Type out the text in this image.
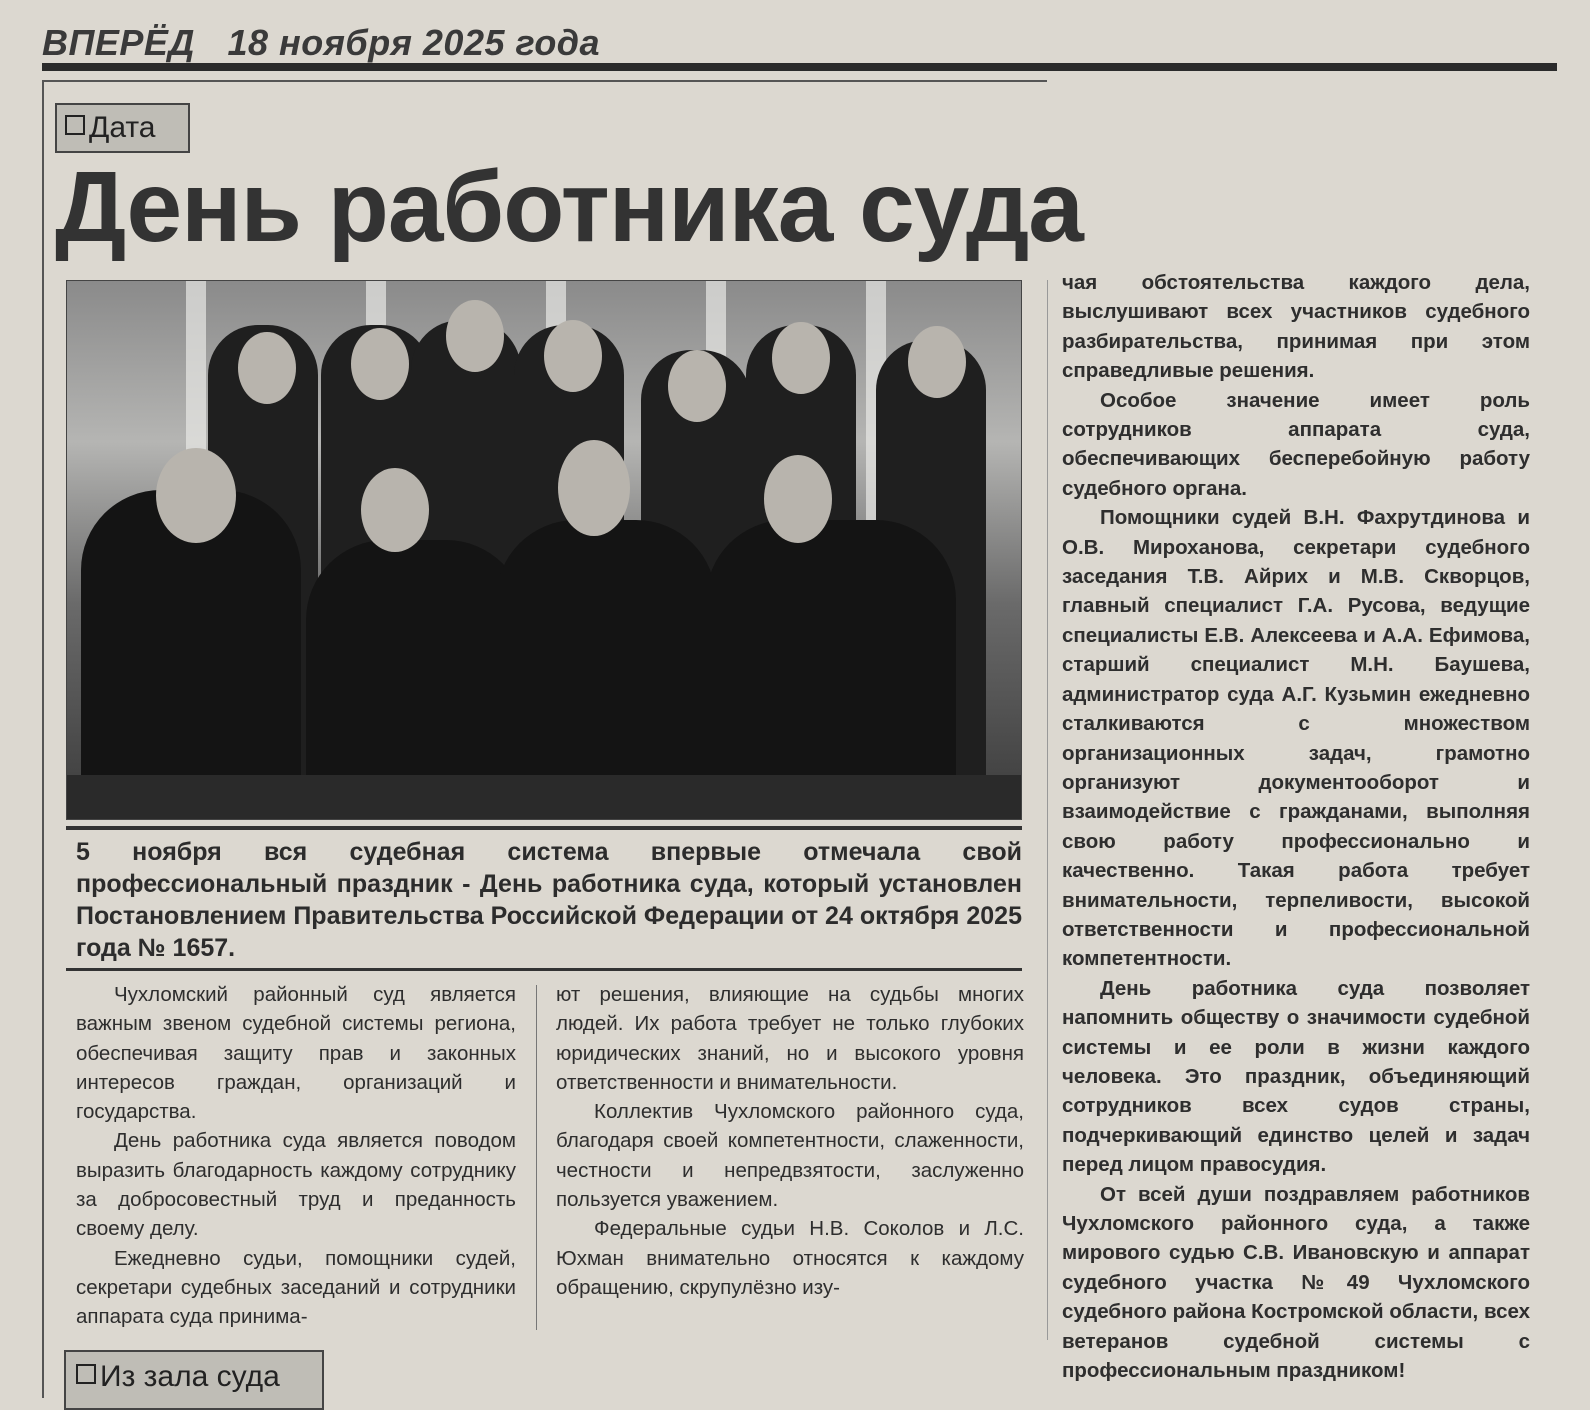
ВПЕРЁД 18 ноября 2025 года
Дата
День работника суда
5 ноября вся судебная система впервые отмечала свой профессиональный праздник - День работника суда, который установлен Постановлением Правительства Российской Федерации от 24 октября 2025 года № 1657.

Чухломский районный суд является важным звеном судебной системы региона, обеспечивая защиту прав и законных интересов граждан, организаций и государства.

День работника суда является поводом выразить благодарность каждому сотруднику за добросовестный труд и преданность своему делу.

Ежедневно судьи, помощники судей, секретари судебных заседаний и сотрудники аппарата суда принима-

ют решения, влияющие на судьбы многих людей. Их работа требует не только глубоких юридических знаний, но и высокого уровня ответственности и внимательности.

Коллектив Чухломского районного суда, благодаря своей компетентности, слаженности, честности и непредвзятости, заслуженно пользуется уважением.

Федеральные судьи Н.В. Соколов и Л.С. Юхман внимательно относятся к каждому обращению, скрупулёзно изу-

чая обстоятельства каждого дела, выслушивают всех участников судебного разбирательства, принимая при этом справедливые решения.

Особое значение имеет роль сотрудников аппарата суда, обеспечивающих бесперебойную работу судебного органа.

Помощники судей В.Н. Фахрутдинова и О.В. Мироханова, секретари судебного заседания Т.В. Айрих и М.В. Скворцов, главный специалист Г.А. Русова, ведущие специалисты Е.В. Алексеева и А.А. Ефимова, старший специалист М.Н. Баушева, администратор суда А.Г. Кузьмин ежедневно сталкиваются с множеством организационных задач, грамотно организуют документооборот и взаимодействие с гражданами, выполняя свою работу профессионально и качественно. Такая работа требует внимательности, терпеливости, высокой ответственности и профессиональной компетентности.

День работника суда позволяет напомнить обществу о значимости судебной системы и ее роли в жизни каждого человека. Это праздник, объединяющий сотрудников всех судов страны, подчеркивающий единство целей и задач перед лицом правосудия.

От всей души поздравляем работников Чухломского районного суда, а также мирового судью С.В. Ивановскую и аппарат судебного участка №49 Чухломского судебного района Костромской области, всех ветеранов судебной системы с профессиональным праздником!

Из зала суда
